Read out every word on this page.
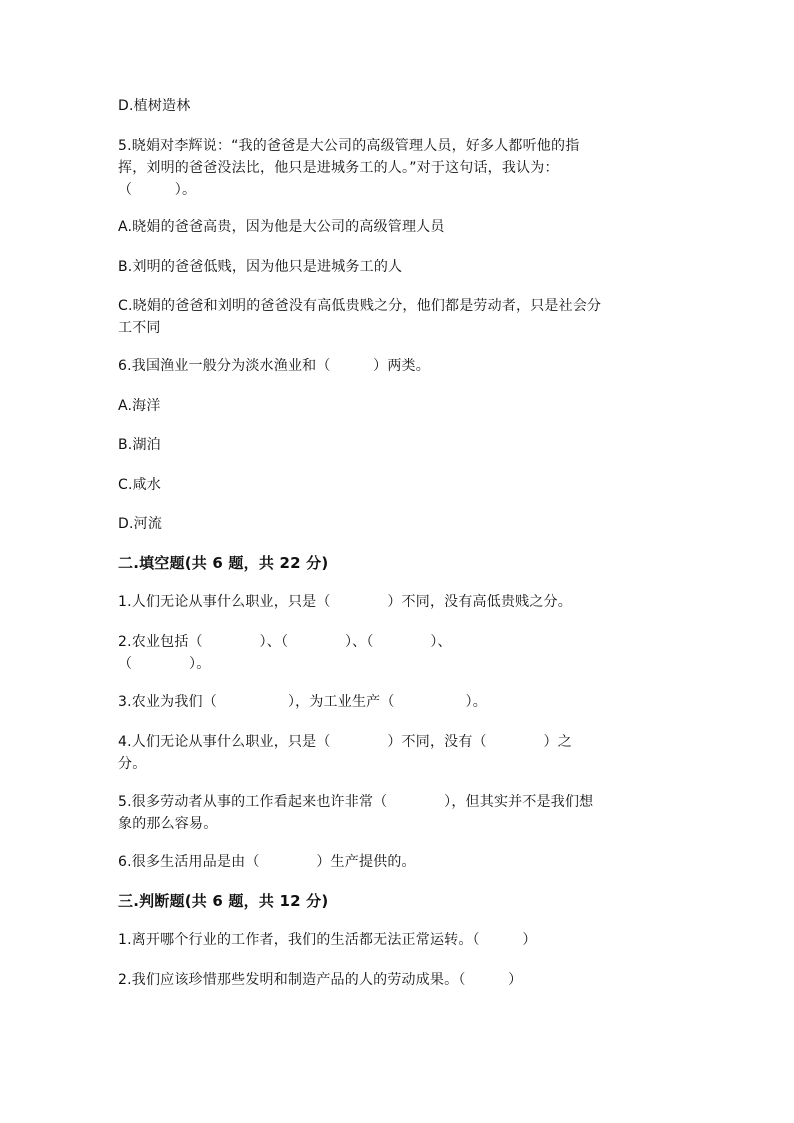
D.植树造林
5.晓娟对李辉说：“我的爸爸是大公司的高级管理人员，好多人都听他的指
挥，刘明的爸爸没法比，他只是进城务工的人。”对于这句话，我认为：
（　　　）。
A.晓娟的爸爸高贵，因为他是大公司的高级管理人员
B.刘明的爸爸低贱，因为他只是进城务工的人
C.晓娟的爸爸和刘明的爸爸没有高低贵贱之分，他们都是劳动者，只是社会分
工不同
6.我国渔业一般分为淡水渔业和（　　　）两类。
A.海洋
B.湖泊
C.咸水
D.河流
二.填空题(共 6 题，共 22 分)
1.人们无论从事什么职业，只是（　　　　）不同，没有高低贵贱之分。
2.农业包括（　　　　）、（　　　　）、（　　　　）、
（　　　　）。
3.农业为我们（　　　　　），为工业生产（　　　　　）。
4.人们无论从事什么职业，只是（　　　　）不同，没有（　　　　）之
分。
5.很多劳动者从事的工作看起来也许非常（　　　　），但其实并不是我们想
象的那么容易。
6.很多生活用品是由（　　　　）生产提供的。
三.判断题(共 6 题，共 12 分)
1.离开哪个行业的工作者，我们的生活都无法正常运转。（　　　）
2.我们应该珍惜那些发明和制造产品的人的劳动成果。（　　　）
